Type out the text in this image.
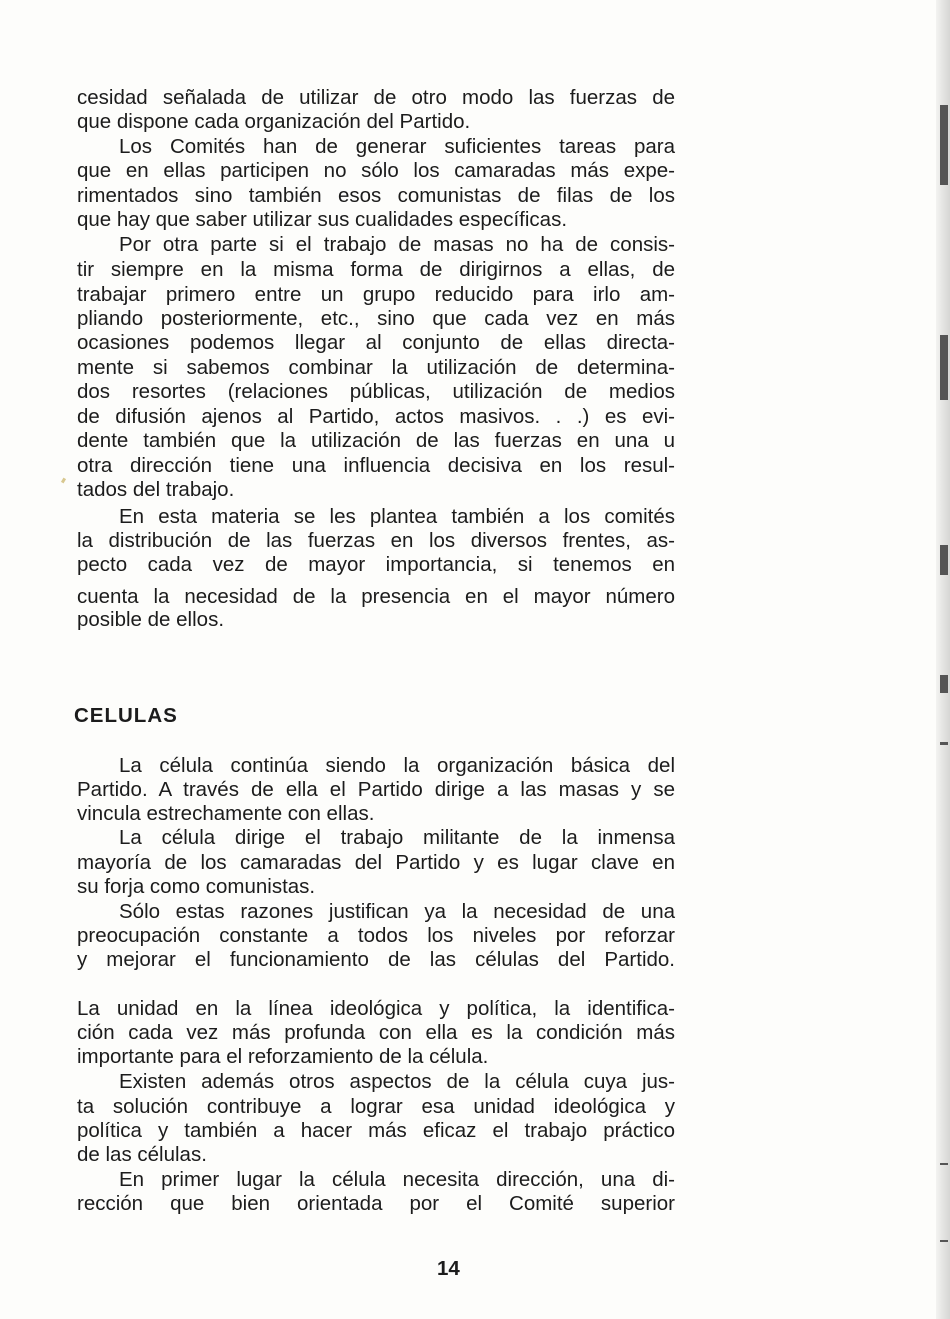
cesidad señalada de utilizar de otro modo las fuerzas de
que dispone cada organización del Partido.
Los Comités han de generar suficientes tareas para
que en ellas participen no sólo los camaradas más expe-
rimentados sino también esos comunistas de filas de los
que hay que saber utilizar sus cualidades específicas.
Por otra parte si el trabajo de masas no ha de consis-
tir siempre en la misma forma de dirigirnos a ellas, de
trabajar primero entre un grupo reducido para irlo am-
pliando posteriormente, etc., sino que cada vez en más
ocasiones podemos llegar al conjunto de ellas directa-
mente si sabemos combinar la utilización de determina-
dos resortes (relaciones públicas, utilización de medios
de difusión ajenos al Partido, actos masivos. . .) es evi-
dente también que la utilización de las fuerzas en una u
otra dirección tiene una influencia decisiva en los resul-
tados del trabajo.
En esta materia se les plantea también a los comités
la distribución de las fuerzas en los diversos frentes, as-
pecto cada vez de mayor importancia, si tenemos en
cuenta la necesidad de la presencia en el mayor número
posible de ellos.
CELULAS
La célula continúa siendo la organización básica del
Partido. A través de ella el Partido dirige a las masas y se
vincula estrechamente con ellas.
La célula dirige el trabajo militante de la inmensa
mayoría de los camaradas del Partido y es lugar clave en
su forja como comunistas.
Sólo estas razones justifican ya la necesidad de una
preocupación constante a todos los niveles por reforzar
y mejorar el funcionamiento de las células del Partido.
La unidad en la línea ideológica y política, la identifica-
ción cada vez más profunda con ella es la condición más
importante para el reforzamiento de la célula.
Existen además otros aspectos de la célula cuya jus-
ta solución contribuye a lograr esa unidad ideológica y
política y también a hacer más eficaz el trabajo práctico
de las células.
En primer lugar la célula necesita dirección, una di-
rección que bien orientada por el Comité superior
14
